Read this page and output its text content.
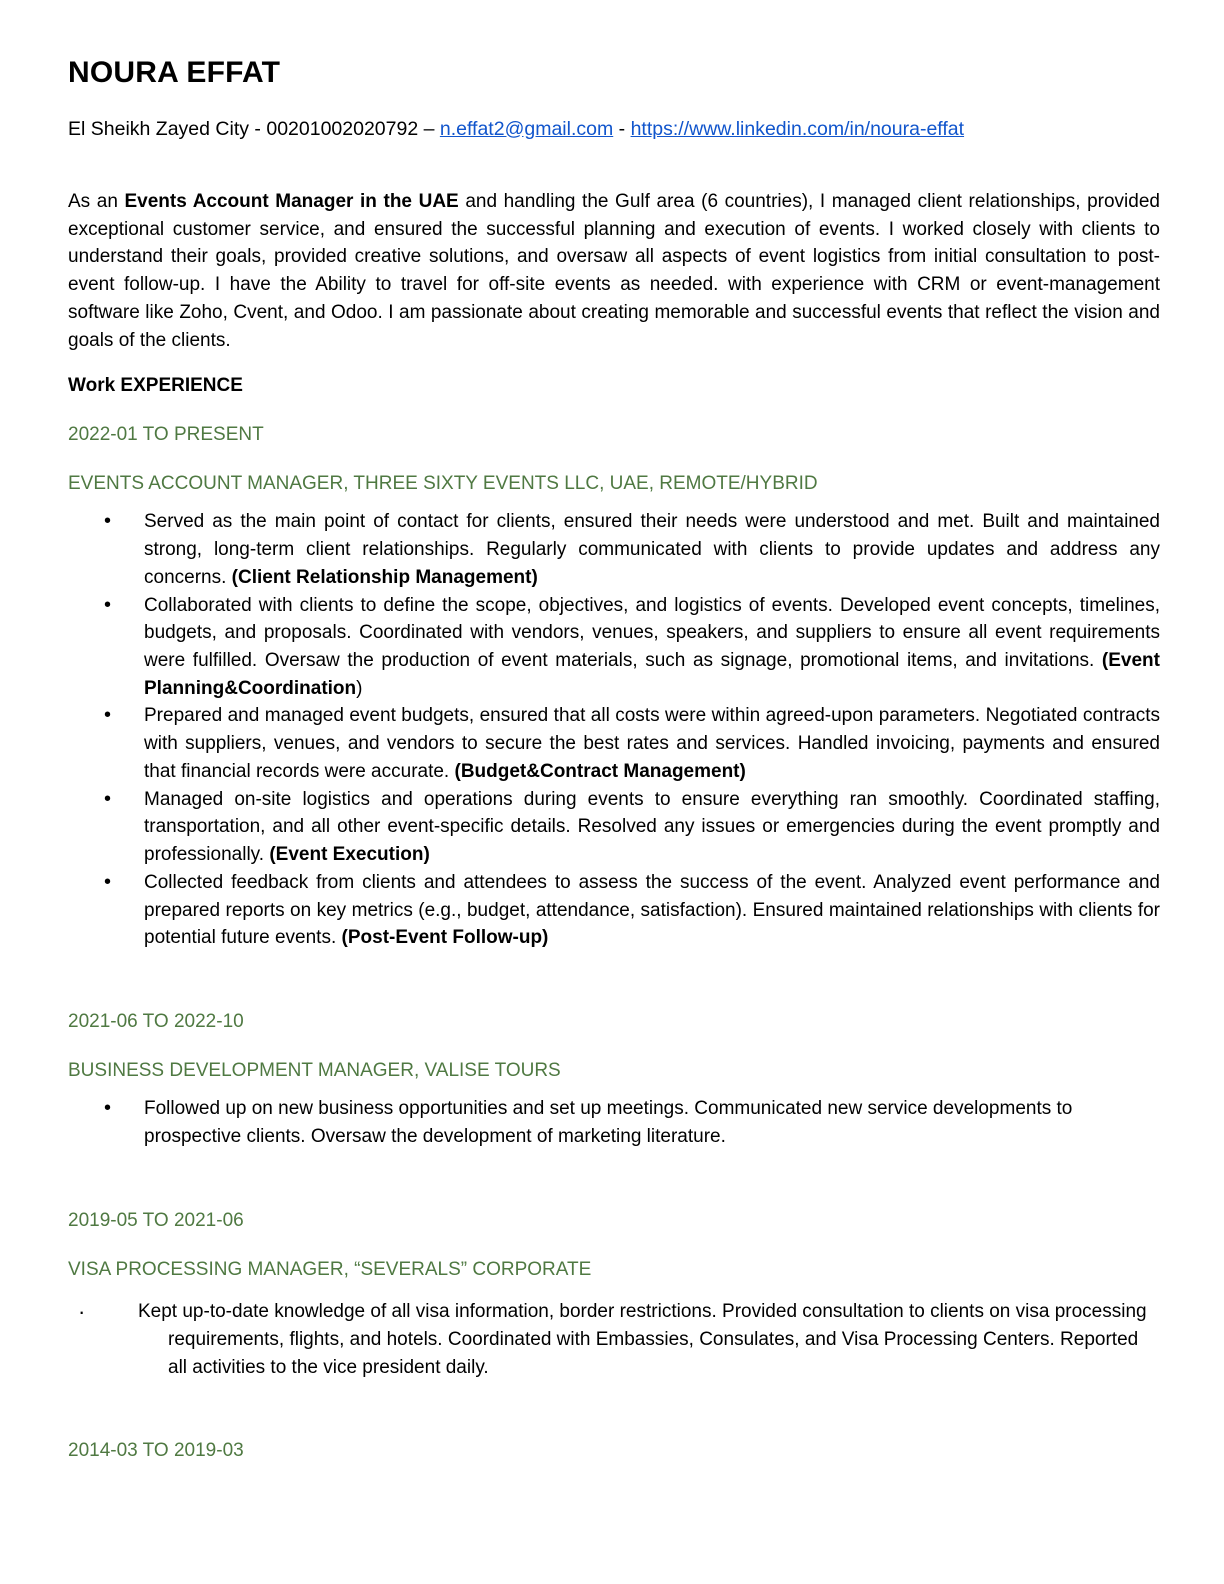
NOURA EFFAT
El Sheikh Zayed City - 00201002020792 – n.effat2@gmail.com - https://www.linkedin.com/in/noura-effat

As an Events Account Manager in the UAE and handling the Gulf area (6 countries), I managed client relationships, provided exceptional customer service, and ensured the successful planning and execution of events. I worked closely with clients to understand their goals, provided creative solutions, and oversaw all aspects of event logistics from initial consultation to post-event follow-up. I have the Ability to travel for off-site events as needed. with experience with CRM or event-management software like Zoho, Cvent, and Odoo. I am passionate about creating memorable and successful events that reflect the vision and goals of the clients.

Work EXPERIENCE
2022-01 TO PRESENT
EVENTS ACCOUNT MANAGER, THREE SIXTY EVENTS LLC, UAE, REMOTE/HYBRID
• Served as the main point of contact for clients, ensured their needs were understood and met. Built and maintained strong, long-term client relationships. Regularly communicated with clients to provide updates and address any concerns. (Client Relationship Management)
• Collaborated with clients to define the scope, objectives, and logistics of events. Developed event concepts, timelines, budgets, and proposals. Coordinated with vendors, venues, speakers, and suppliers to ensure all event requirements were fulfilled. Oversaw the production of event materials, such as signage, promotional items, and invitations. (Event Planning&Coordination)
• Prepared and managed event budgets, ensured that all costs were within agreed-upon parameters. Negotiated contracts with suppliers, venues, and vendors to secure the best rates and services. Handled invoicing, payments and ensured that financial records were accurate. (Budget&Contract Management)
• Managed on-site logistics and operations during events to ensure everything ran smoothly. Coordinated staffing, transportation, and all other event-specific details. Resolved any issues or emergencies during the event promptly and professionally. (Event Execution)
• Collected feedback from clients and attendees to assess the success of the event. Analyzed event performance and prepared reports on key metrics (e.g., budget, attendance, satisfaction). Ensured maintained relationships with clients for potential future events. (Post-Event Follow-up)
2021-06 TO 2022-10
BUSINESS DEVELOPMENT MANAGER, VALISE TOURS
• Followed up on new business opportunities and set up meetings. Communicated new service developments to prospective clients. Oversaw the development of marketing literature.
2019-05 TO 2021-06
VISA PROCESSING MANAGER, “SEVERALS” CORPORATE
· Kept up-to-date knowledge of all visa information, border restrictions. Provided consultation to clients on visa processing requirements, flights, and hotels. Coordinated with Embassies, Consulates, and Visa Processing Centers. Reported all activities to the vice president daily.
2014-03 TO 2019-03
